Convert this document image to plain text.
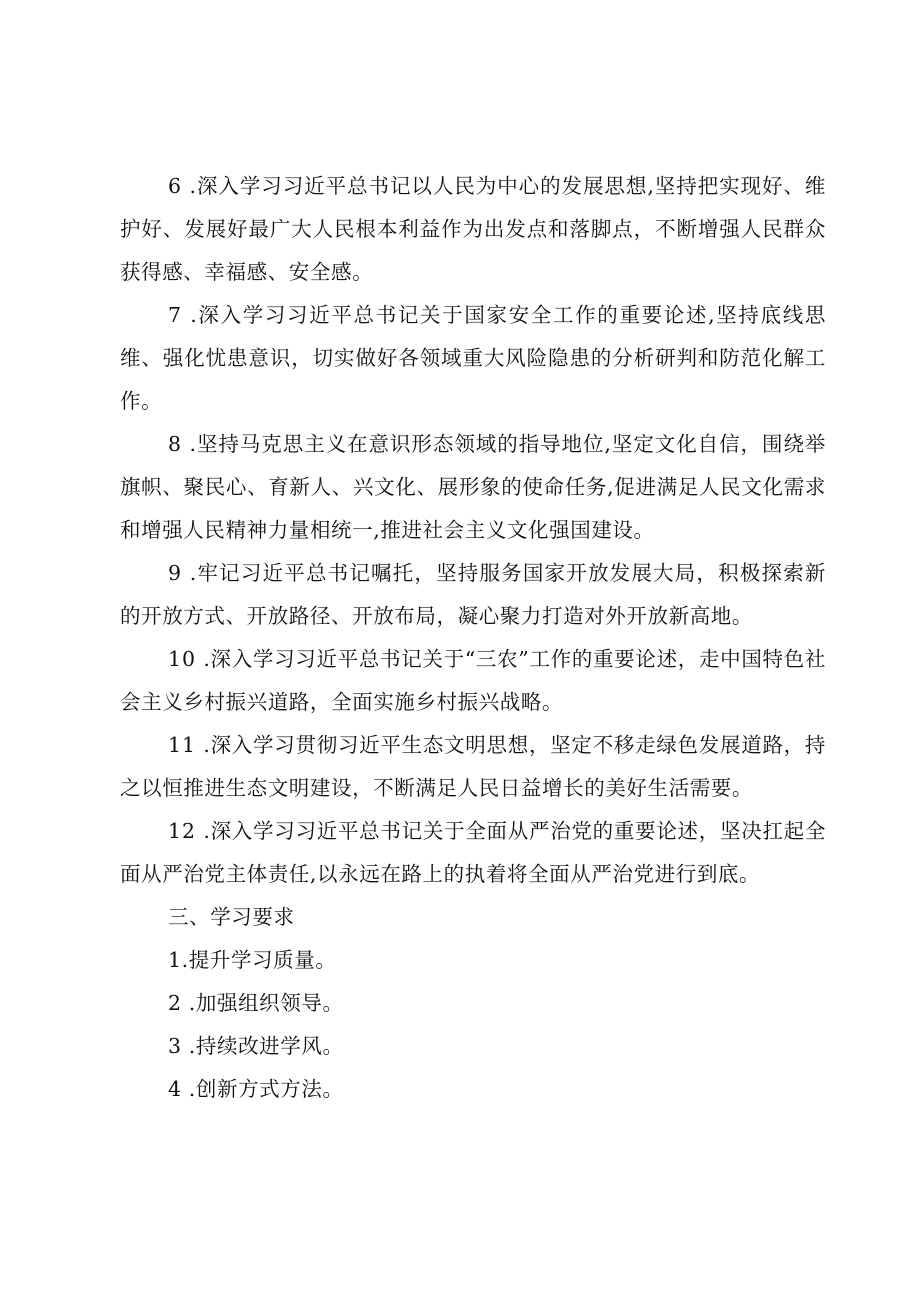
6 .深入学习习近平总书记以人民为中心的发展思想,坚持把实现好、维护好、发展好最广大人民根本利益作为出发点和落脚点，不断增强人民群众获得感、幸福感、安全感。

7 .深入学习习近平总书记关于国家安全工作的重要论述,坚持底线思维、强化忧患意识，切实做好各领域重大风险隐患的分析研判和防范化解工作。

8 .坚持马克思主义在意识形态领域的指导地位,坚定文化自信，围绕举旗帜、聚民心、育新人、兴文化、展形象的使命任务,促进满足人民文化需求和增强人民精神力量相统一,推进社会主义文化强国建设。

9 .牢记习近平总书记嘱托，坚持服务国家开放发展大局，积极探索新的开放方式、开放路径、开放布局，凝心聚力打造对外开放新高地。

10 .深入学习习近平总书记关于“三农”工作的重要论述，走中国特色社会主义乡村振兴道路，全面实施乡村振兴战略。

11 .深入学习贯彻习近平生态文明思想，坚定不移走绿色发展道路，持之以恒推进生态文明建设，不断满足人民日益增长的美好生活需要。

12 .深入学习习近平总书记关于全面从严治党的重要论述，坚决扛起全面从严治党主体责任,以永远在路上的执着将全面从严治党进行到底。

三、学习要求

1.提升学习质量。

2 .加强组织领导。

3 .持续改进学风。

4 .创新方式方法。
